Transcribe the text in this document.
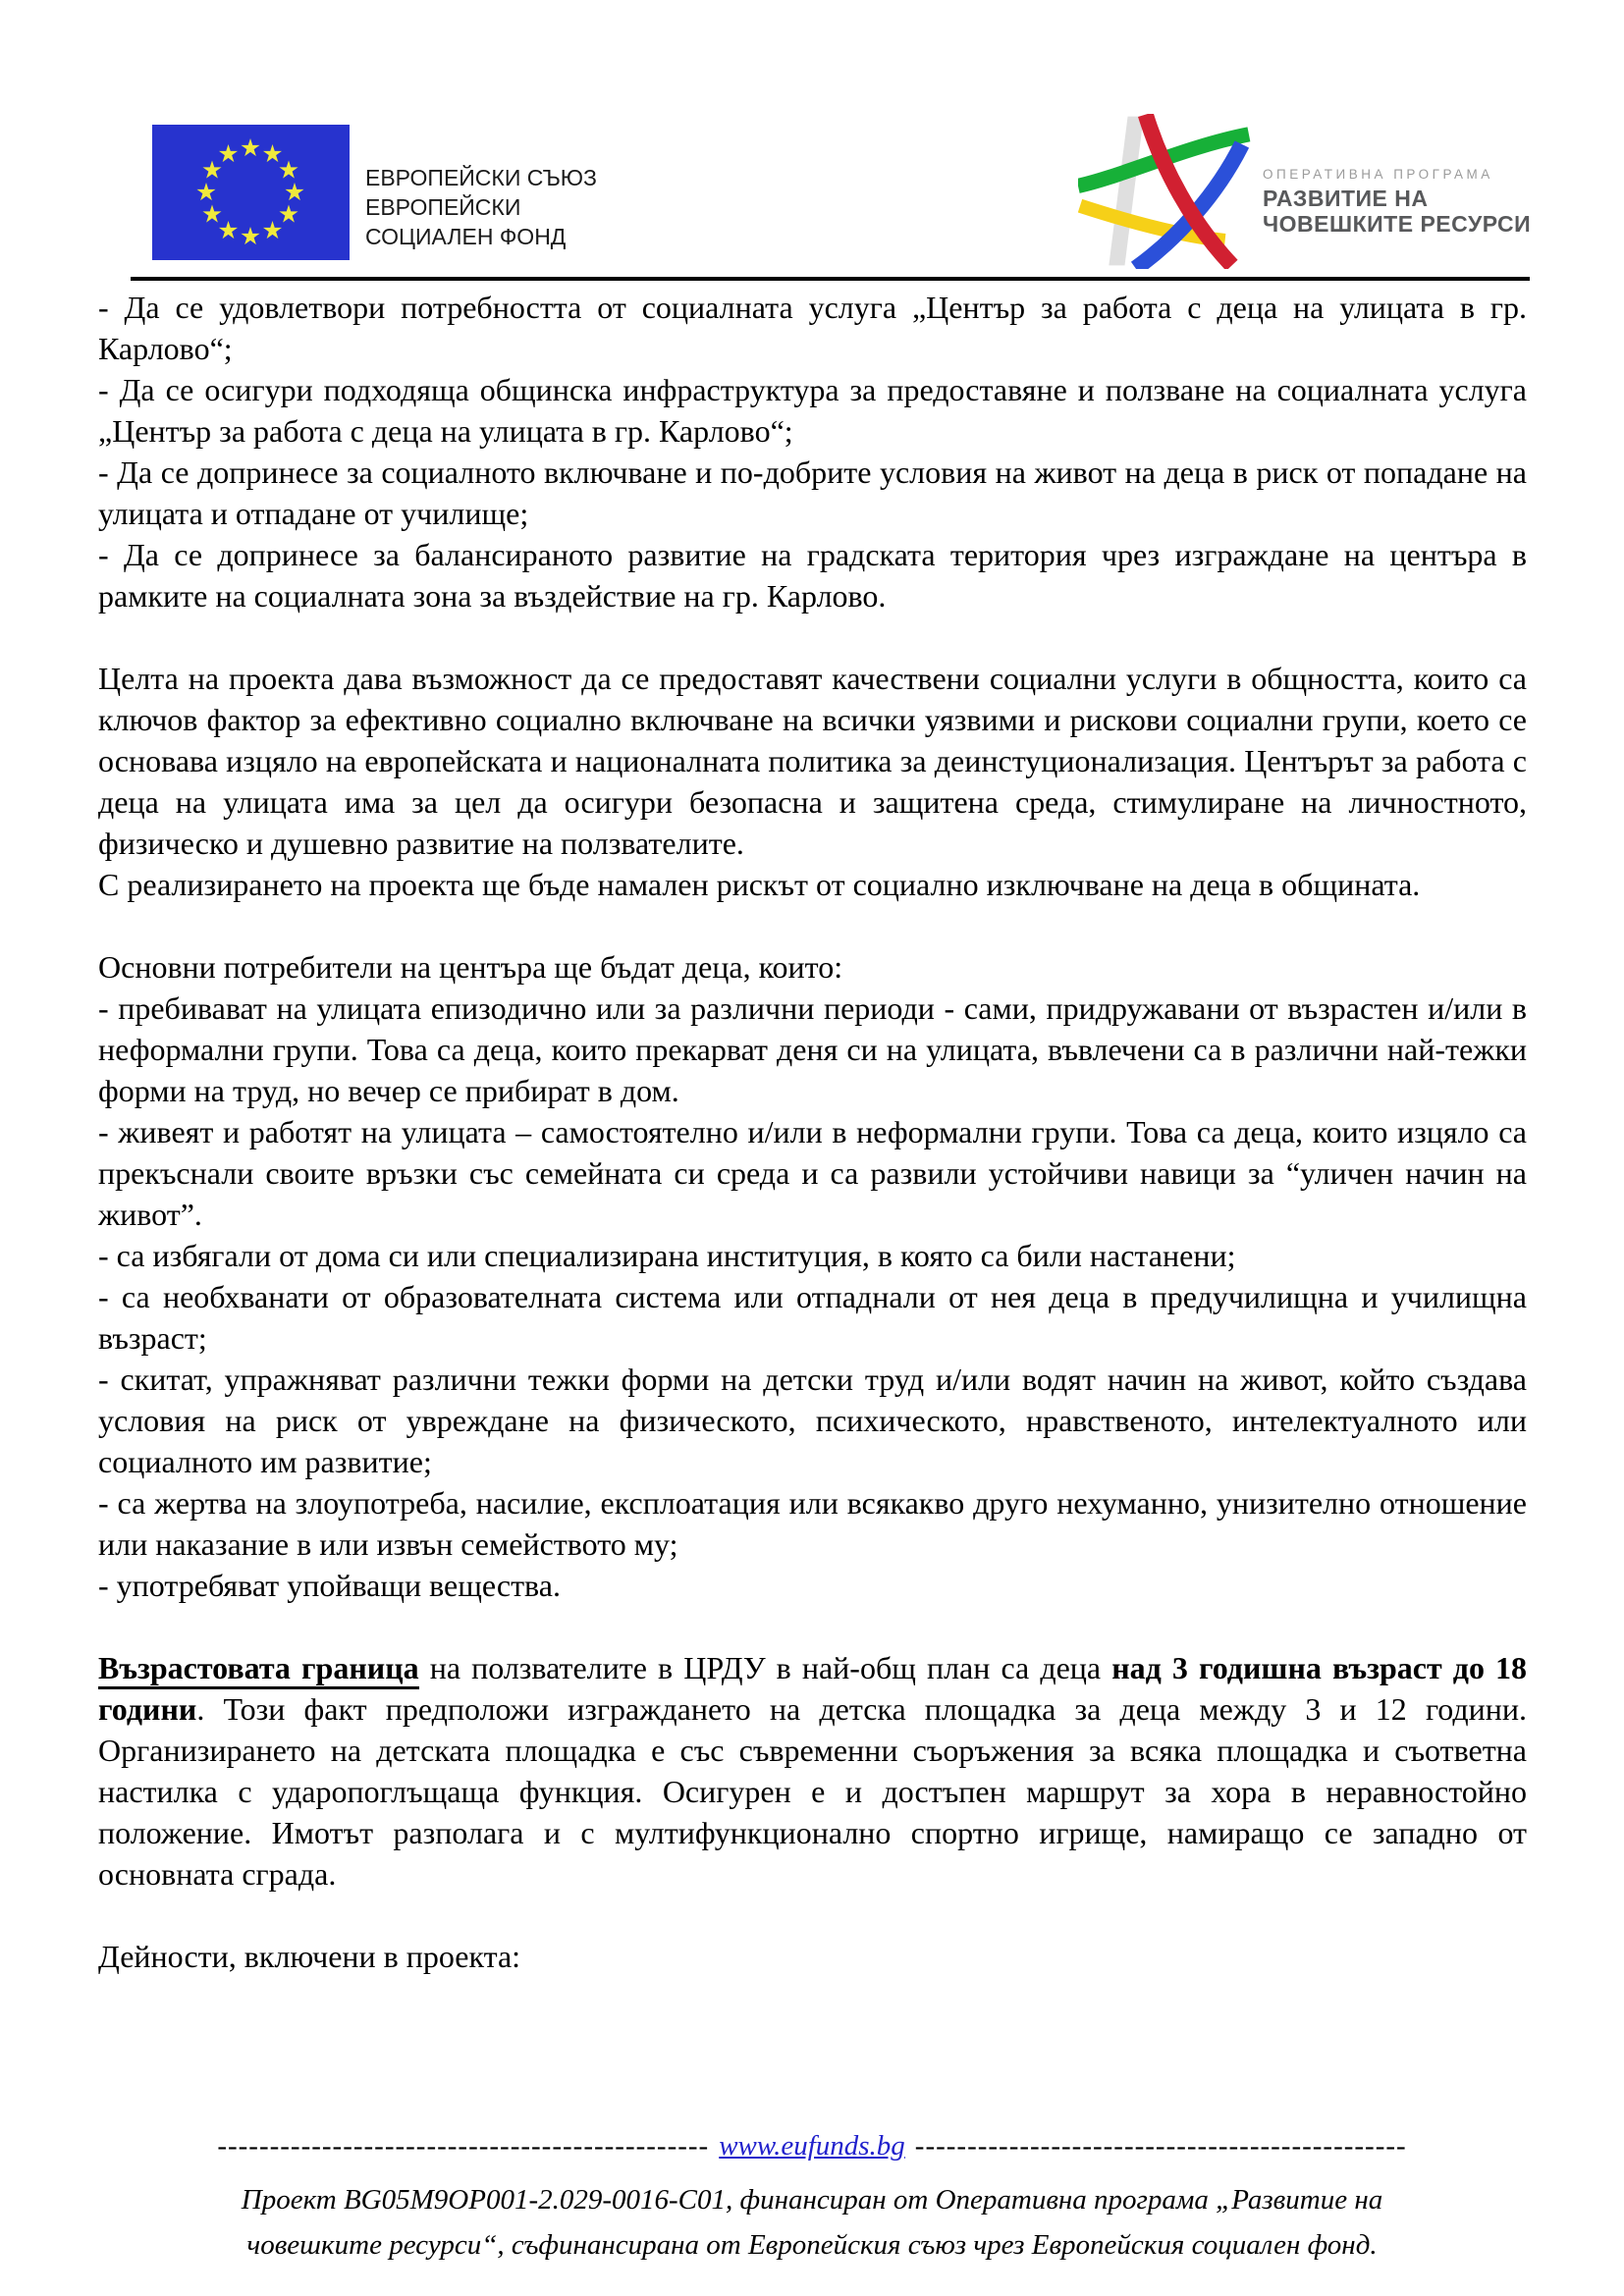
ЕВРОПЕЙСКИ СЪЮЗ
ЕВРОПЕЙСКИ
СОЦИАЛЕН ФОНД
ОПЕРАТИВНА ПРОГРАМА
РАЗВИТИЕ НА
ЧОВЕШКИТЕ РЕСУРСИ

- Да се удовлетвори потребността от социалната услуга „Център за работа с деца на улицата в гр. Карлово“;

- Да се осигури подходяща общинска инфраструктура за предоставяне и ползване на социалната услуга „Център за работа с деца на улицата в гр. Карлово“;

- Да се допринесе за социалното включване и по-добрите условия на живот на деца в риск от попадане на улицата и отпадане от училище;

- Да се допринесе за балансираното развитие на градската територия чрез изграждане на центъра в рамките на социалната зона за въздействие на гр. Карлово.

Целта на проекта дава възможност да се предоставят качествени социални услуги в общността, които са ключов фактор за ефективно социално включване на всички уязвими и рискови социални групи, което се основава изцяло на европейската и националната политика за деинстуционализация. Центърът за работа с деца на улицата има за цел да осигури безопасна и защитена среда, стимулиране на личностното, физическо и душевно развитие на ползвателите.

С реализирането на проекта ще бъде намален рискът от социално изключване на деца в общината.

Основни потребители на центъра ще бъдат деца, които:

- пребивават на улицата епизодично или за различни периоди - сами, придружавани от възрастен и/или в неформални групи. Това са деца, които прекарват деня си на улицата, въвлечени са в различни най-тежки форми на труд, но вечер се прибират в дом.

- живеят и работят на улицата – самостоятелно и/или в неформални групи. Това са деца, които изцяло са прекъснали своите връзки със семейната си среда и са развили устойчиви навици за “уличен начин на живот”.

- са избягали от дома си или специализирана институция, в която са били настанени;

- са необхванати от образователната система или отпаднали от нея деца в предучилищна и училищна възраст;

- скитат, упражняват различни тежки форми на детски труд и/или водят начин на живот, който създава условия на риск от увреждане на физическото, психическото, нравственото, интелектуалното или социалното им развитие;

- са жертва на злоупотреба, насилие, експлоатация или всякакво друго нехуманно, унизително отношение или наказание в или извън семейството му;

- употребяват упойващи вещества.

Възрастовата граница на ползвателите в ЦРДУ в най-общ план са деца над 3 годишна възраст до 18 години. Този факт предположи изграждането на детска площадка за деца между 3 и 12 години. Организирането на детската площадка е със съвременни съоръжения за всяка площадка и съответна настилка с ударопоглъщаща функция. Осигурен е и достъпен маршрут за хора в неравностойно положение. Имотът разполага и с мултифункционално спортно игрище, намиращо се западно от основната сграда.

Дейности, включени в проекта:

----------------------------------------------- www.eufunds.bg -----------------------------------------------
Проект BG05M9OP001-2.029-0016-C01, финансиран от Оперативна програма „Развитие на човешките ресурси“, съфинансирана от Европейския съюз чрез Европейския социален фонд.
